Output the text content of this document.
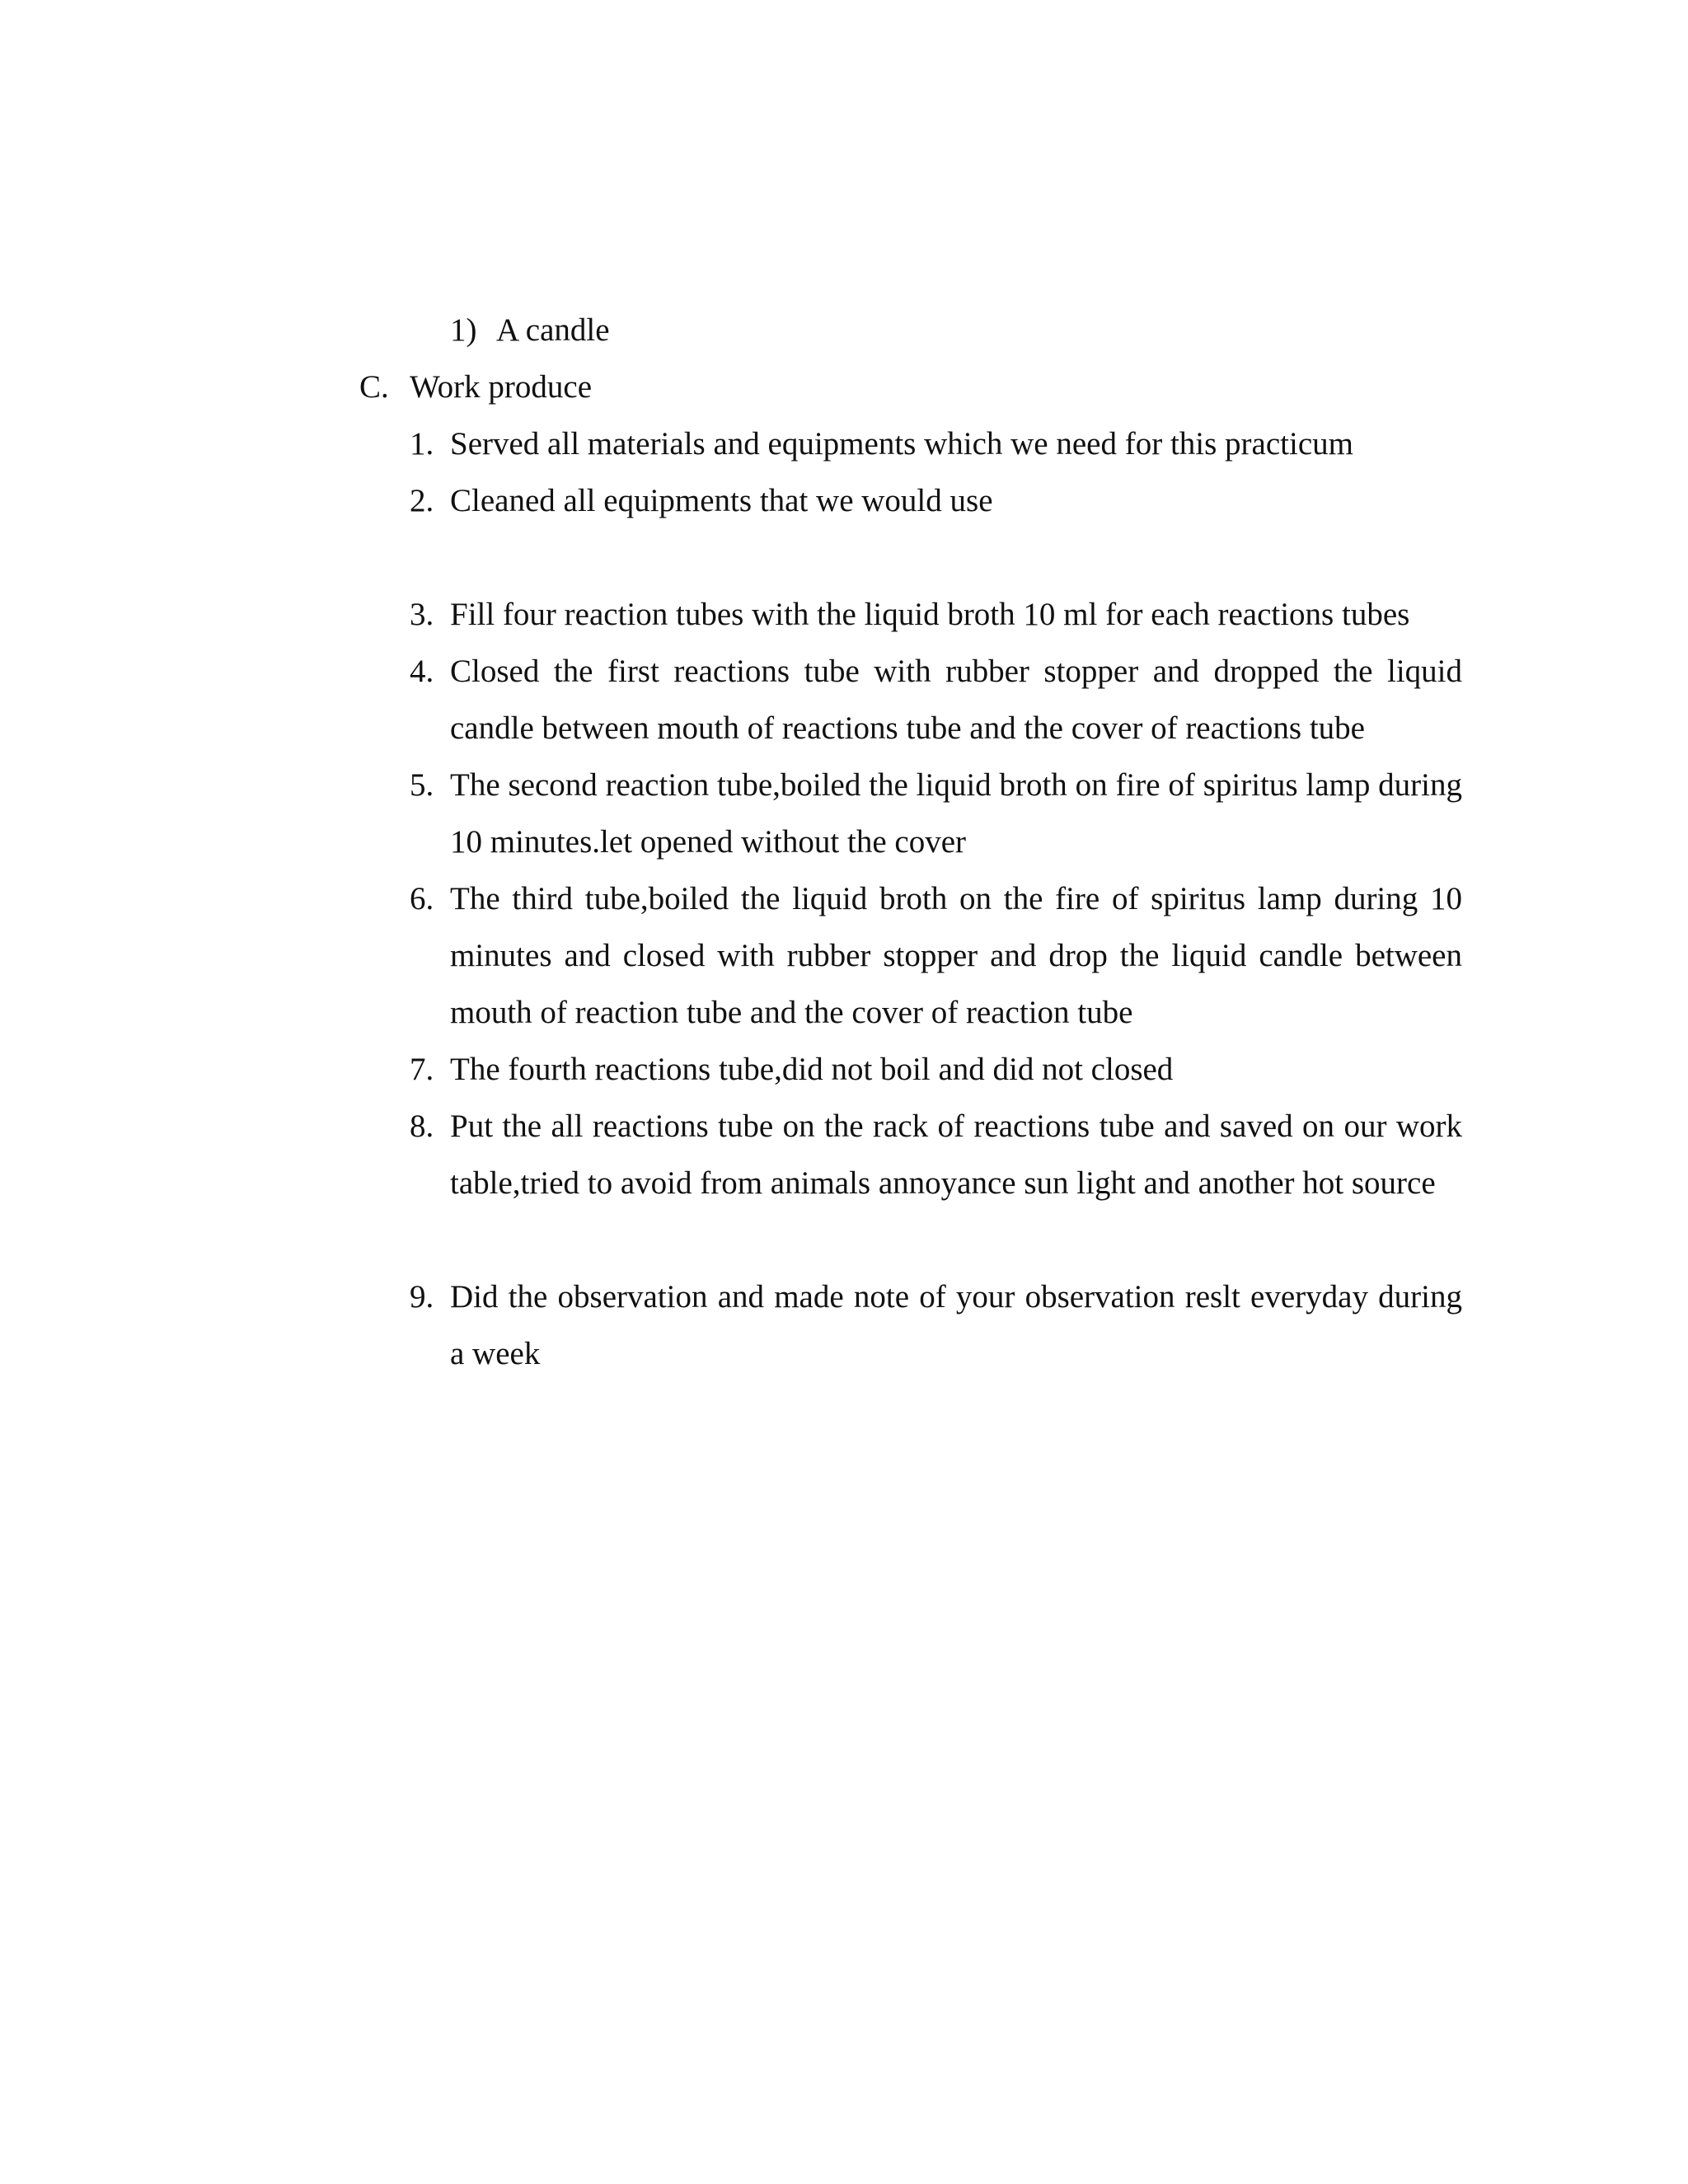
1) A candle
C. Work produce
1. Served all materials and equipments which we need for this practicum
2. Cleaned all equipments that we would use
3. Fill four reaction tubes with the liquid broth 10 ml for each reactions tubes
4. Closed the first reactions tube with rubber stopper and dropped the liquid candle between mouth of reactions tube and the cover of reactions tube
5. The second reaction tube,boiled the liquid broth on fire of spiritus lamp during 10 minutes.let opened without the cover
6. The third tube,boiled the liquid broth on the fire of spiritus lamp during 10 minutes and closed with rubber stopper and drop the liquid candle between mouth of reaction tube and the cover of reaction tube
7. The fourth reactions tube,did not boil and did not closed
8. Put the all reactions tube on the rack of reactions tube and saved on our work table,tried to avoid from animals annoyance sun light and another hot source
9. Did the observation and made note of your observation reslt everyday during a week
